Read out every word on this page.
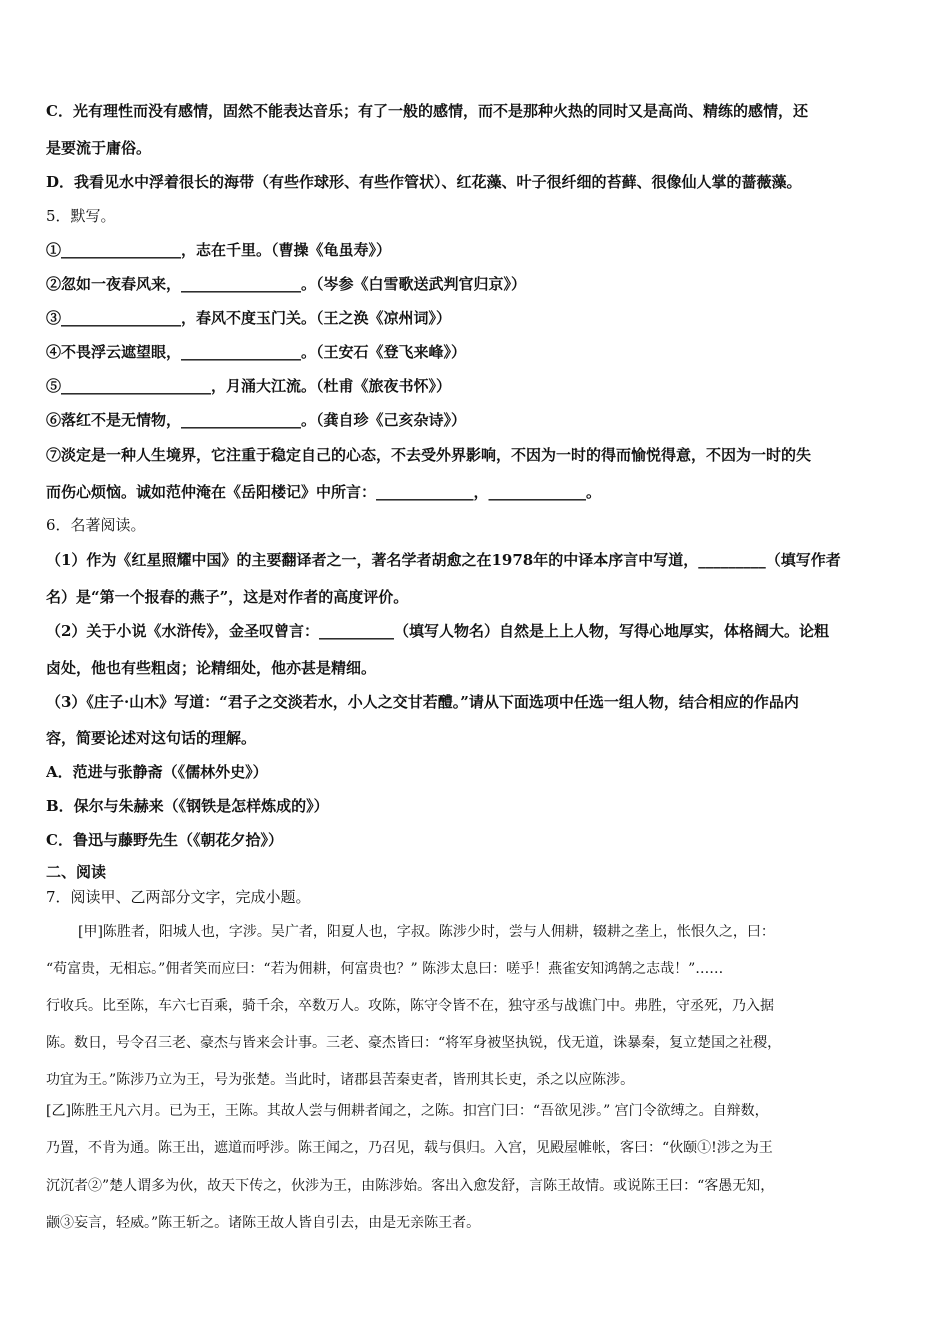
C．光有理性而没有感情，固然不能表达音乐；有了一般的感情，而不是那种火热的同时又是高尚、精练的感情，还
是要流于庸俗。
D．我看见水中浮着很长的海带（有些作球形、有些作管状）、红花藻、叶子很纤细的苔藓、很像仙人掌的蔷薇藻。
5．默写。
①________________，志在千里。（曹操《龟虽寿》）
②忽如一夜春风来，________________。（岑参《白雪歌送武判官归京》）
③________________，春风不度玉门关。（王之涣《凉州词》）
④不畏浮云遮望眼，________________。（王安石《登飞来峰》）
⑤____________________，月涌大江流。（杜甫《旅夜书怀》）
⑥落红不是无情物，________________。（龚自珍《己亥杂诗》）
⑦淡定是一种人生境界，它注重于稳定自己的心态，不去受外界影响，不因为一时的得而愉悦得意，不因为一时的失
而伤心烦恼。诚如范仲淹在《岳阳楼记》中所言：_____________，_____________。
6．名著阅读。
（1）作为《红星照耀中国》的主要翻译者之一，著名学者胡愈之在1978年的中译本序言中写道，_________（填写作者
名）是“第一个报春的燕子”，这是对作者的高度评价。
（2）关于小说《水浒传》，金圣叹曾言：__________（填写人物名）自然是上上人物，写得心地厚实，体格阔大。论粗
卤处，他也有些粗卤；论精细处，他亦甚是精细。
（3）《庄子·山木》写道：“君子之交淡若水，小人之交甘若醴。”请从下面选项中任选一组人物，结合相应的作品内
容，简要论述对这句话的理解。
A．范进与张静斋（《儒林外史》）
B．保尔与朱赫来（《钢铁是怎样炼成的》）
C．鲁迅与藤野先生（《朝花夕拾》）
二、阅读
7．阅读甲、乙两部分文字，完成小题。
[甲]陈胜者，阳城人也，字涉。吴广者，阳夏人也，字叔。陈涉少时，尝与人佣耕，辍耕之垄上，怅恨久之，曰：
“苟富贵，无相忘。”佣者笑而应曰：“若为佣耕，何富贵也？” 陈涉太息曰：嗟乎！燕雀安知鸿鹄之志哉！”……
行收兵。比至陈，车六七百乘，骑千余，卒数万人。攻陈，陈守令皆不在，独守丞与战谯门中。弗胜，守丞死，乃入据
陈。数日，号令召三老、豪杰与皆来会计事。三老、豪杰皆曰：“将军身被坚执锐，伐无道，诛暴秦，复立楚国之社稷，
功宜为王。”陈涉乃立为王，号为张楚。当此时，诸郡县苦秦吏者，皆刑其长吏，杀之以应陈涉。
[乙]陈胜王凡六月。已为王，王陈。其故人尝与佣耕者闻之，之陈。扣宫门曰：“吾欲见涉。” 宫门令欲缚之。自辩数，
乃置，不肯为通。陈王出，遮道而呼涉。陈王闻之，乃召见，载与俱归。入宫，见殿屋帷帐，客曰：“伙颐①!涉之为王
沉沉者②”楚人谓多为伙，故天下传之，伙涉为王，由陈涉始。客出入愈发舒，言陈王故情。或说陈王曰：“客愚无知，
颛③妄言，轻威。”陈王斩之。诸陈王故人皆自引去，由是无亲陈王者。
